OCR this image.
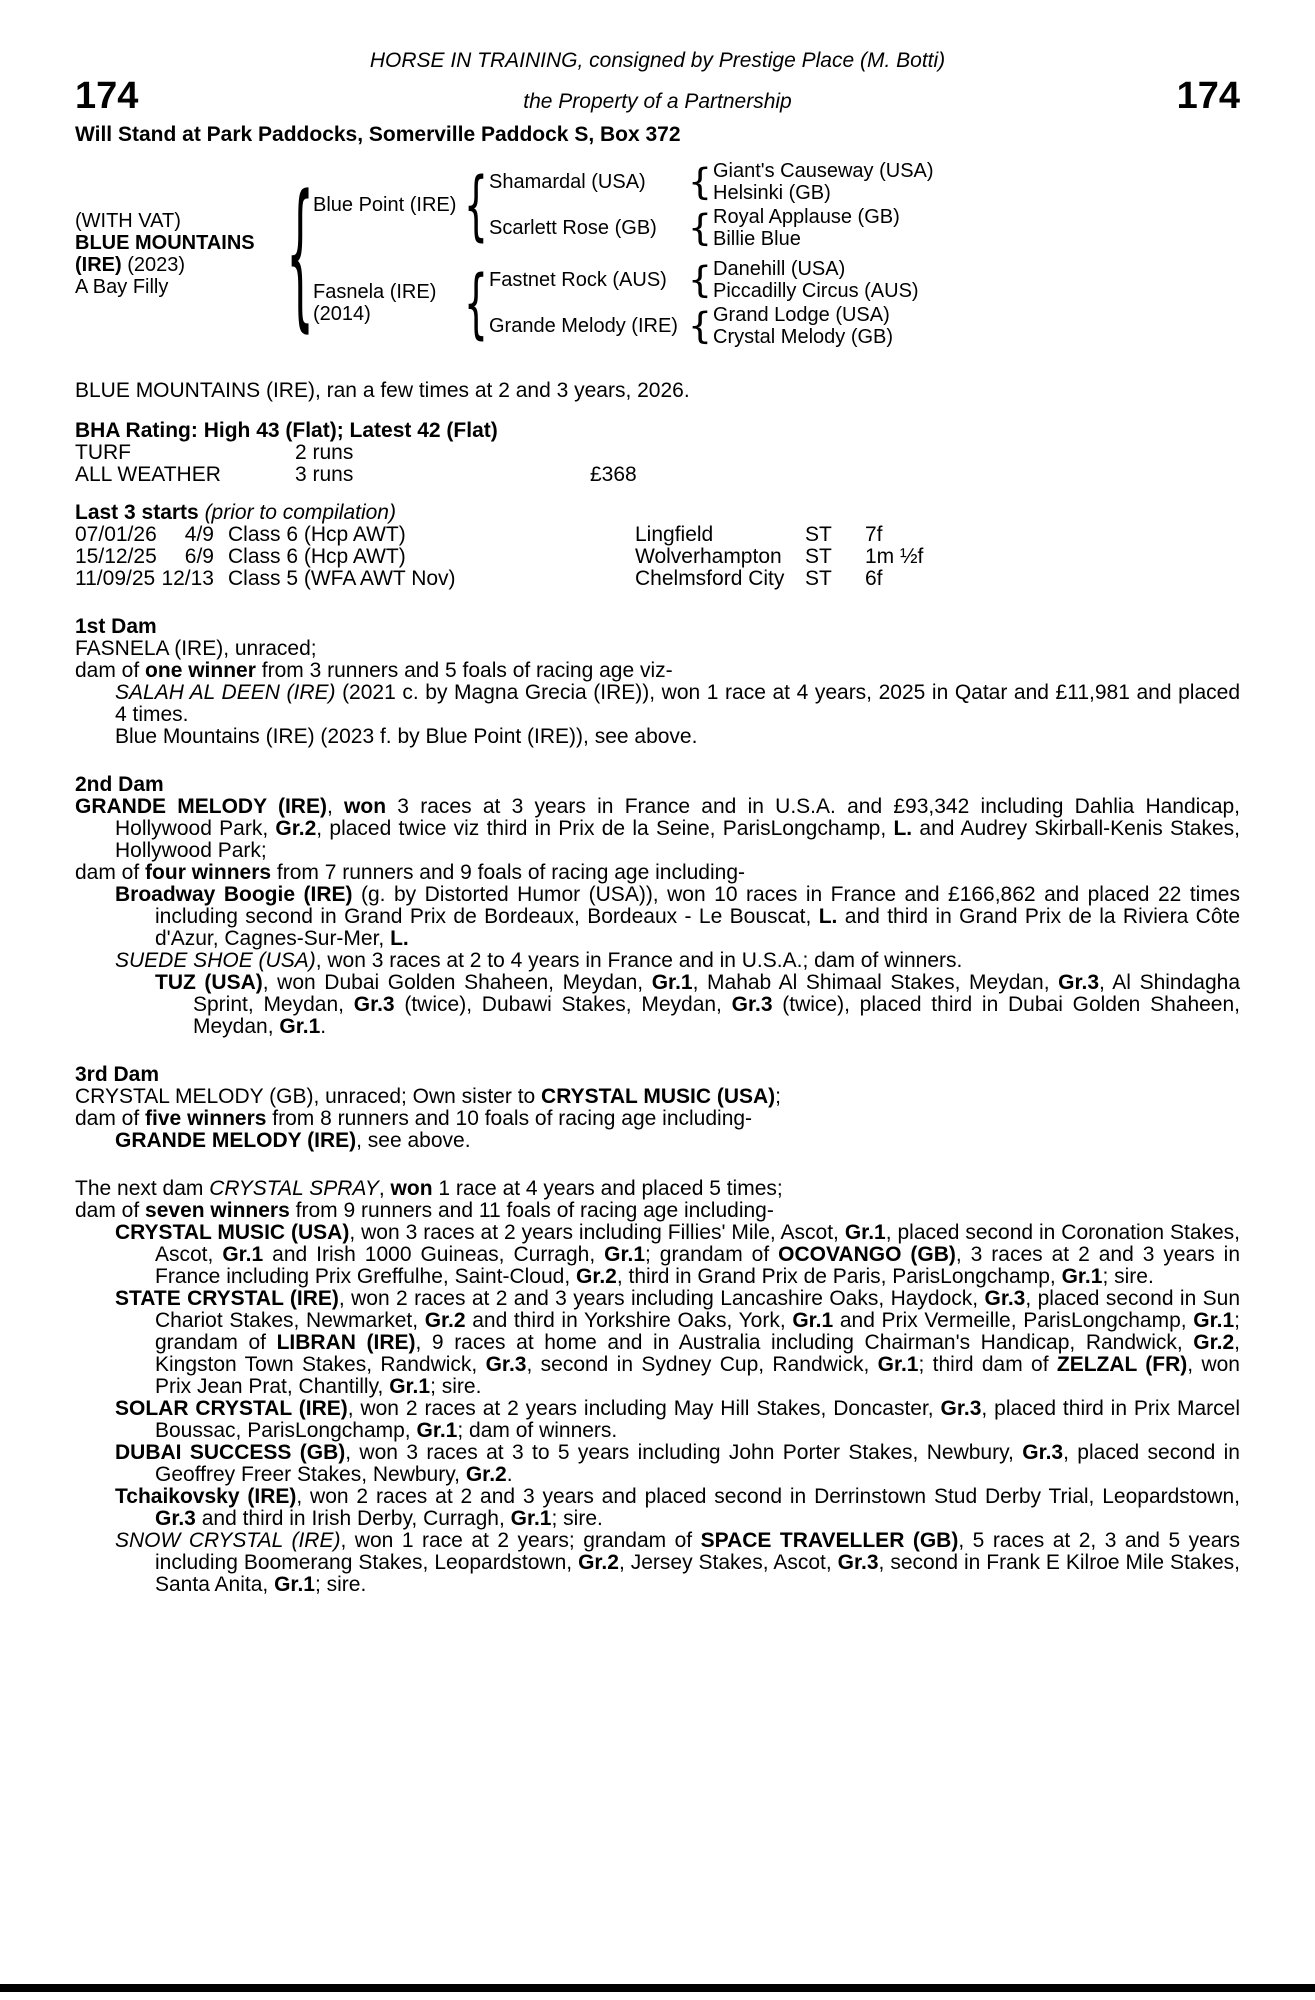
HORSE IN TRAINING, consigned by Prestige Place (M. Botti)
174	the Property of a Partnership	174
Will Stand at Park Paddocks, Somerville Paddock S, Box 372
(WITH VAT)
BLUE MOUNTAINS
(IRE) (2023)
A Bay Filly
{
Blue Point (IRE)
{
Shamardal (USA) {	Giant's Causeway (USA)
Helsinki (GB)
Scarlett Rose (GB) {	Royal Applause (GB)
Billie Blue
Fasnela (IRE)
(2014)
{
Fastnet Rock (AUS) {	Danehill (USA)
Piccadilly Circus (AUS)
Grande Melody (IRE) {	Grand Lodge (USA)
Crystal Melody (GB)
BLUE MOUNTAINS (IRE), ran a few times at 2 and 3 years, 2026.
BHA Rating: High 43 (Flat); Latest 42 (Flat)
TURF	2 runs
ALL WEATHER	3 runs	£368
Last 3 starts (prior to compilation)
07/01/26	4/9 Class 6 (Hcp AWT)	Lingfield	ST	7f
15/12/25	6/9 Class 6 (Hcp AWT)	Wolverhampton	ST	1m ½f
11/09/25 12/13 Class 5 (WFA AWT Nov)	Chelmsford City ST	6f
1st Dam

FASNELA (IRE), unraced;

dam of one winner from 3 runners and 5 foals of racing age viz-

SALAH AL DEEN (IRE) (2021 c. by Magna Grecia (IRE)), won 1 race at 4 years, 2025 in Qatar and £11,981 and placed 4 times.

Blue Mountains (IRE) (2023 f. by Blue Point (IRE)), see above.

2nd Dam

GRANDE MELODY (IRE), won 3 races at 3 years in France and in U.S.A. and £93,342 including Dahlia Handicap, Hollywood Park, Gr.2, placed twice viz third in Prix de la Seine, ParisLongchamp, L. and Audrey Skirball-Kenis Stakes, Hollywood Park;

dam of four winners from 7 runners and 9 foals of racing age including-

Broadway Boogie (IRE) (g. by Distorted Humor (USA)), won 10 races in France and £166,862 and placed 22 times including second in Grand Prix de Bordeaux, Bordeaux - Le Bouscat, L. and third in Grand Prix de la Riviera Côte d'Azur, Cagnes-Sur-Mer, L.

SUEDE SHOE (USA), won 3 races at 2 to 4 years in France and in U.S.A.; dam of winners.

TUZ (USA), won Dubai Golden Shaheen, Meydan, Gr.1, Mahab Al Shimaal Stakes, Meydan, Gr.3, Al Shindagha Sprint, Meydan, Gr.3 (twice), Dubawi Stakes, Meydan, Gr.3 (twice), placed third in Dubai Golden Shaheen, Meydan, Gr.1.

3rd Dam

CRYSTAL MELODY (GB), unraced; Own sister to CRYSTAL MUSIC (USA);

dam of five winners from 8 runners and 10 foals of racing age including-

GRANDE MELODY (IRE), see above.

The next dam CRYSTAL SPRAY, won 1 race at 4 years and placed 5 times;

dam of seven winners from 9 runners and 11 foals of racing age including-

CRYSTAL MUSIC (USA), won 3 races at 2 years including Fillies' Mile, Ascot, Gr.1, placed second in Coronation Stakes, Ascot, Gr.1 and Irish 1000 Guineas, Curragh, Gr.1; grandam of OCOVANGO (GB), 3 races at 2 and 3 years in France including Prix Greffulhe, Saint-Cloud, Gr.2, third in Grand Prix de Paris, ParisLongchamp, Gr.1; sire.

STATE CRYSTAL (IRE), won 2 races at 2 and 3 years including Lancashire Oaks, Haydock, Gr.3, placed second in Sun Chariot Stakes, Newmarket, Gr.2 and third in Yorkshire Oaks, York, Gr.1 and Prix Vermeille, ParisLongchamp, Gr.1; grandam of LIBRAN (IRE), 9 races at home and in Australia including Chairman's Handicap, Randwick, Gr.2, Kingston Town Stakes, Randwick, Gr.3, second in Sydney Cup, Randwick, Gr.1; third dam of ZELZAL (FR), won Prix Jean Prat, Chantilly, Gr.1; sire.

SOLAR CRYSTAL (IRE), won 2 races at 2 years including May Hill Stakes, Doncaster, Gr.3, placed third in Prix Marcel Boussac, ParisLongchamp, Gr.1; dam of winners.

DUBAI SUCCESS (GB), won 3 races at 3 to 5 years including John Porter Stakes, Newbury, Gr.3, placed second in Geoffrey Freer Stakes, Newbury, Gr.2.

Tchaikovsky (IRE), won 2 races at 2 and 3 years and placed second in Derrinstown Stud Derby Trial, Leopardstown, Gr.3 and third in Irish Derby, Curragh, Gr.1; sire.

SNOW CRYSTAL (IRE), won 1 race at 2 years; grandam of SPACE TRAVELLER (GB), 5 races at 2, 3 and 5 years including Boomerang Stakes, Leopardstown, Gr.2, Jersey Stakes, Ascot, Gr.3, second in Frank E Kilroe Mile Stakes, Santa Anita, Gr.1; sire.
